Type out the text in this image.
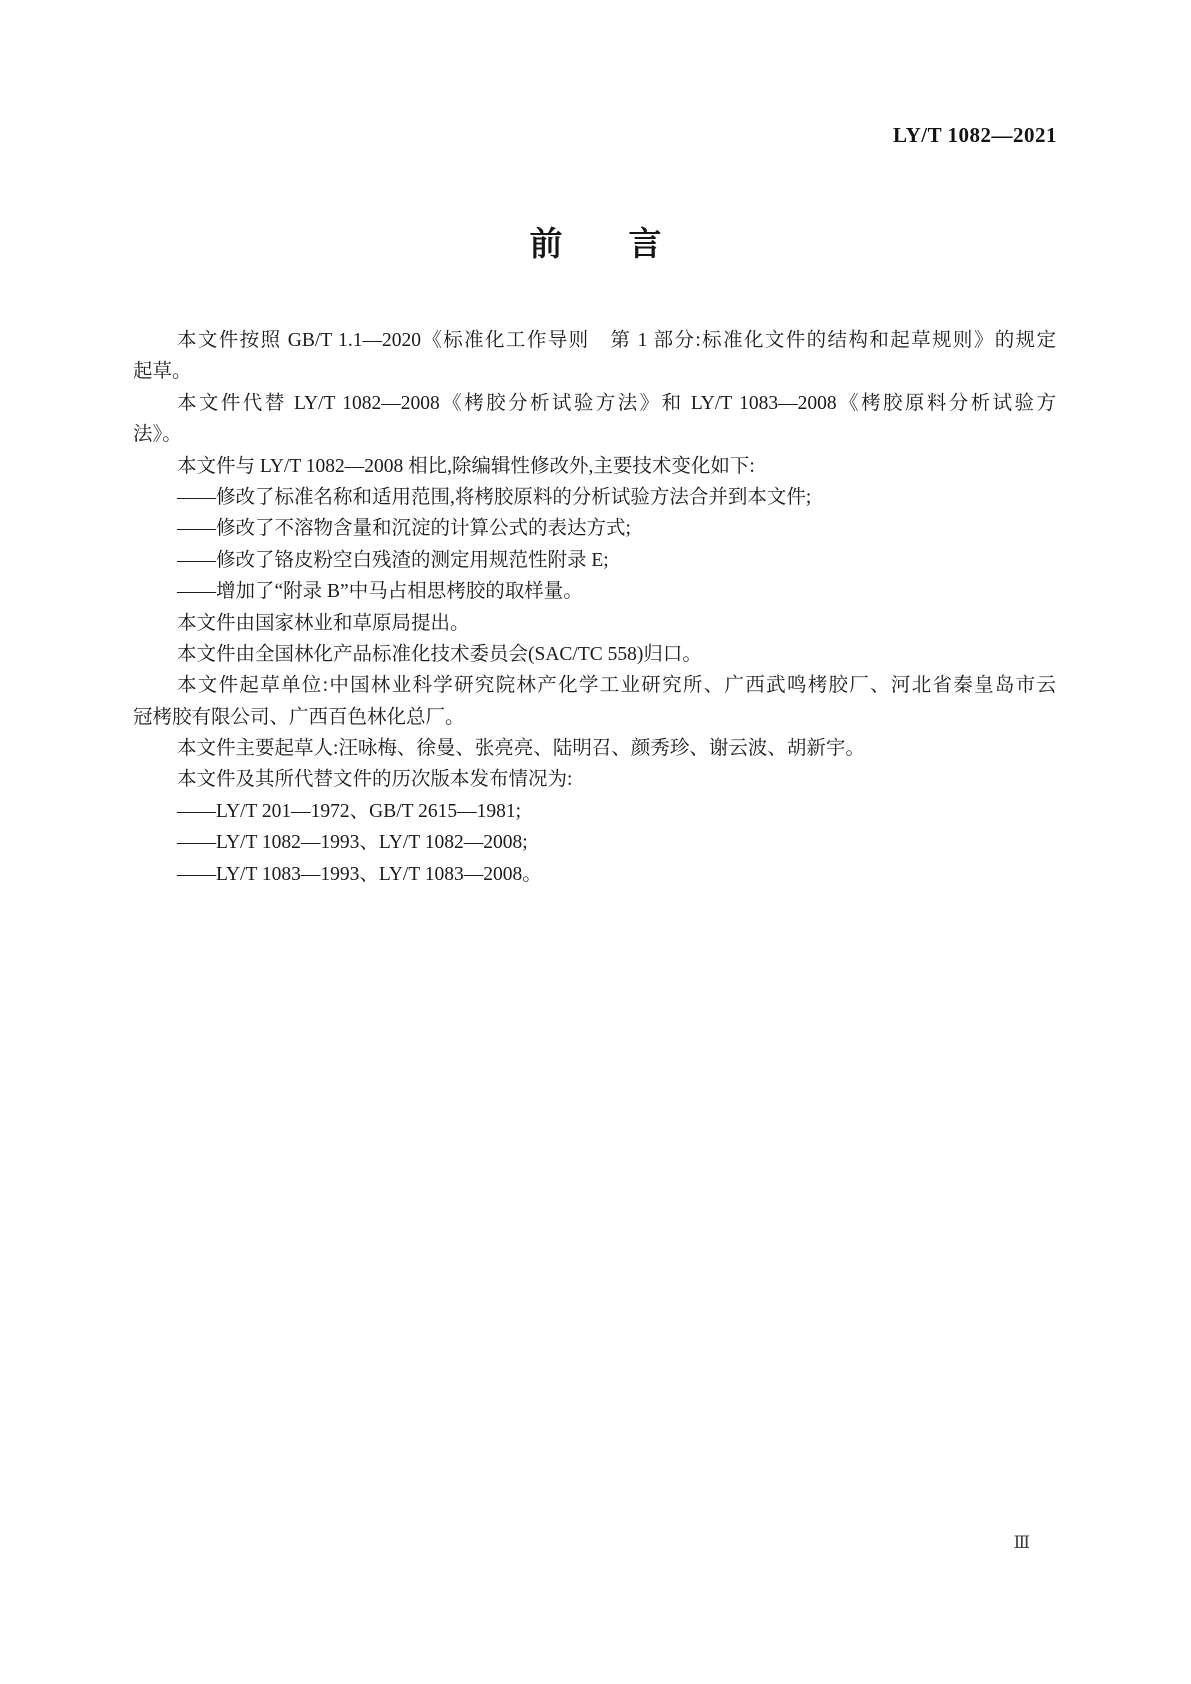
LY/T 1082—2021
前　　言
本文件按照 GB/T 1.1—2020《标准化工作导则　第 1 部分:标准化文件的结构和起草规则》的规定
起草。
本文件代替 LY/T 1082—2008《栲胶分析试验方法》和 LY/T 1083—2008《栲胶原料分析试验方
法》。
本文件与 LY/T 1082—2008 相比,除编辑性修改外,主要技术变化如下:
——修改了标准名称和适用范围,将栲胶原料的分析试验方法合并到本文件;
——修改了不溶物含量和沉淀的计算公式的表达方式;
——修改了铬皮粉空白残渣的测定用规范性附录 E;
——增加了“附录 B”中马占相思栲胶的取样量。
本文件由国家林业和草原局提出。
本文件由全国林化产品标准化技术委员会(SAC/TC 558)归口。
本文件起草单位:中国林业科学研究院林产化学工业研究所、广西武鸣栲胶厂、河北省秦皇岛市云
冠栲胶有限公司、广西百色林化总厂。
本文件主要起草人:汪咏梅、徐曼、张亮亮、陆明召、颜秀珍、谢云波、胡新宇。
本文件及其所代替文件的历次版本发布情况为:
——LY/T 201—1972、GB/T 2615—1981;
——LY/T 1082—1993、LY/T 1082—2008;
——LY/T 1083—1993、LY/T 1083—2008。
Ⅲ
